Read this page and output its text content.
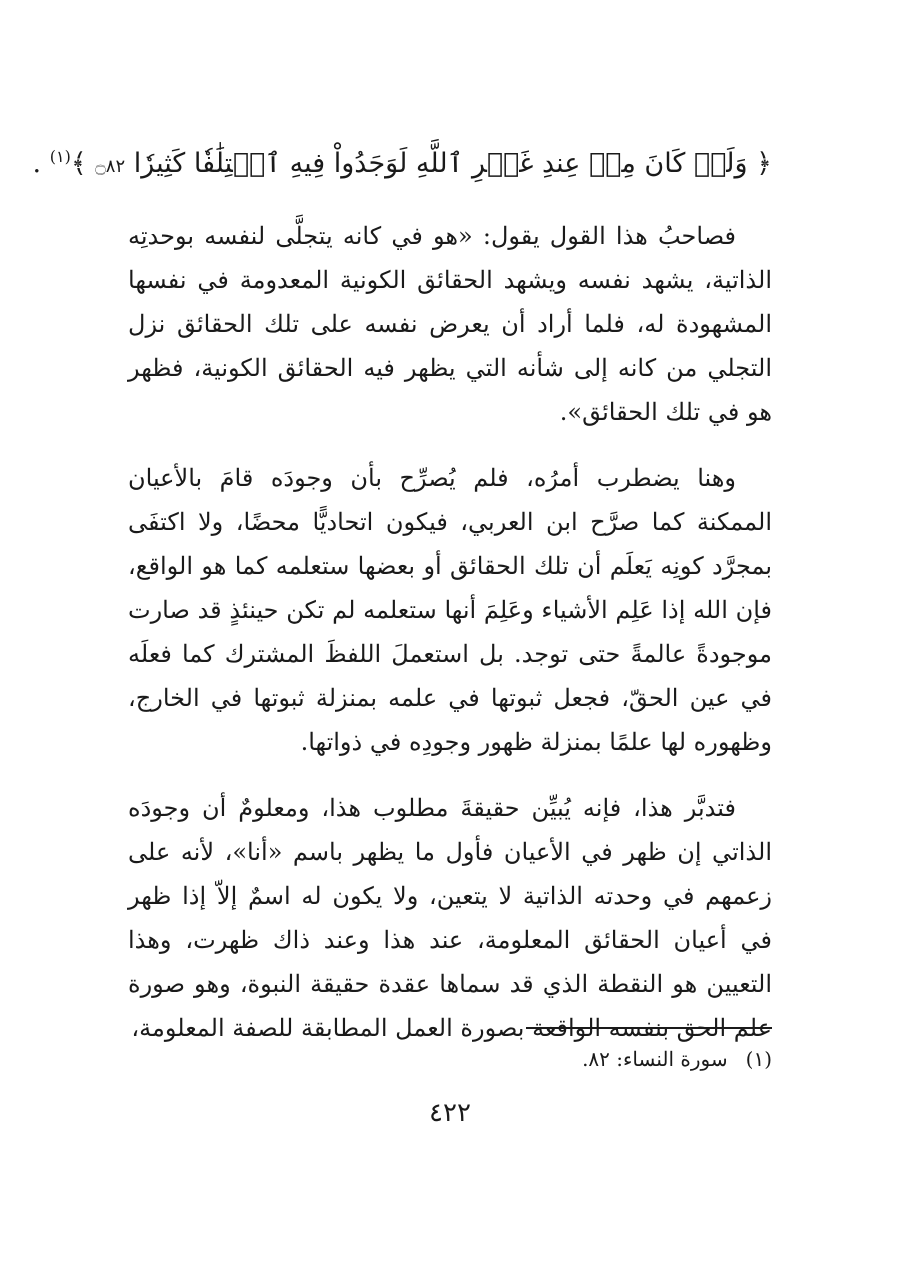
﴿ وَلَوۡ كَانَ مِنۡ عِندِ غَيۡرِ ٱللَّهِ لَوَجَدُواْ فِيهِ ٱخۡتِلَٰفٗا كَثِيرٗا ۝٨٢ ﴾$^{(١)}$ .

فصاحبُ هذا القول يقول: «هو في كانه يتجلَّى لنفسه بوحدتِه الذاتية، يشهد نفسه ويشهد الحقائق الكونية المعدومة في نفسها المشهودة له، فلما أراد أن يعرض نفسه على تلك الحقائق نزل التجلي من كانه إلى شأنه التي يظهر فيه الحقائق الكونية، فظهر هو في تلك الحقائق».

وهنا يضطرب أمرُه، فلم يُصرِّح بأن وجودَه قامَ بالأعيان الممكنة كما صرَّح ابن العربي، فيكون اتحاديًّا محضًا، ولا اكتفَى بمجرَّد كونِه يَعلَم أن تلك الحقائق أو بعضها ستعلمه كما هو الواقع، فإن الله إذا عَلِم الأشياء وعَلِمَ أنها ستعلمه لم تكن حينئذٍ قد صارت موجودةً عالمةً حتى توجد. بل استعملَ اللفظَ المشترك كما فعلَه في عين الحقّ، فجعل ثبوتها في علمه بمنزلة ثبوتها في الخارج، وظهوره لها علمًا بمنزلة ظهور وجودِه في ذواتها.

فتدبَّر هذا، فإنه يُبيِّن حقيقةَ مطلوب هذا، ومعلومٌ أن وجودَه الذاتي إن ظهر في الأعيان فأول ما يظهر باسم «أنا»، لأنه على زعمهم في وحدته الذاتية لا يتعين، ولا يكون له اسمٌ إلاّ إذا ظهر في أعيان الحقائق المعلومة، عند هذا وعند ذاك ظهرت، وهذا التعيين هو النقطة الذي قد سماها عقدة حقيقة النبوة، وهو صورة علم الحق بنفسه الواقعة بصورة العمل المطابقة للصفة المعلومة،

(١)سورة النساء: ٨٢.
٤٢٢
